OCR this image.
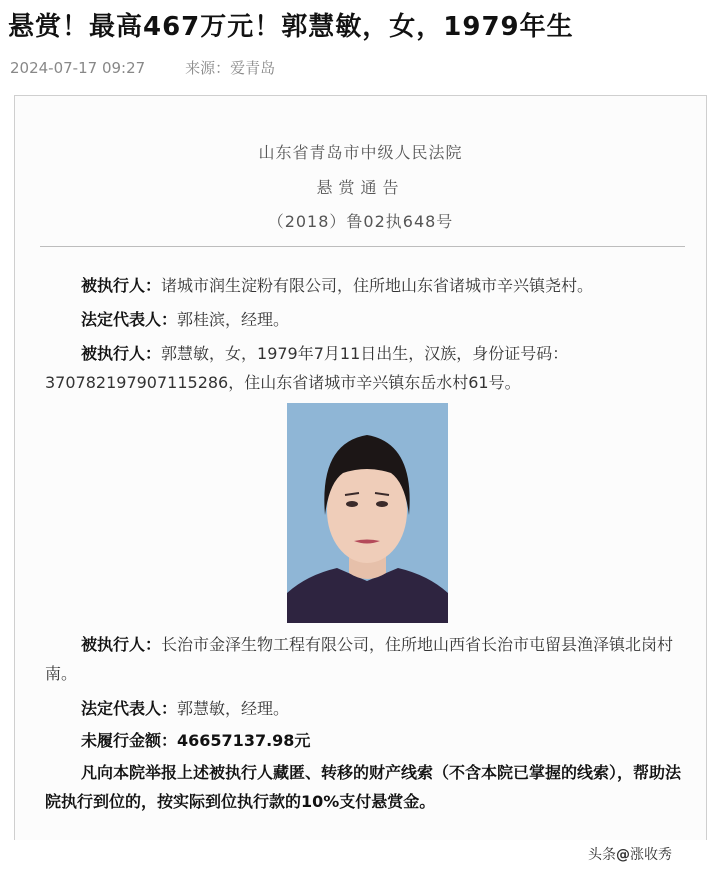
悬赏！最高467万元！郭慧敏，女，1979年生
2024-07-17 09:27	来源：爱青岛
山东省青岛市中级人民法院
悬赏通告
（2018）鲁02执648号
被执行人：诸城市润生淀粉有限公司，住所地山东省诸城市辛兴镇尧村。
法定代表人：郭桂滨，经理。
被执行人：郭慧敏，女，1979年7月11日出生，汉族，身份证号码：370782197907115286，住山东省诸城市辛兴镇东岳水村61号。
被执行人：长治市金泽生物工程有限公司，住所地山西省长治市屯留县渔泽镇北岗村南。
法定代表人：郭慧敏，经理。
未履行金额：46657137.98元
凡向本院举报上述被执行人藏匿、转移的财产线索（不含本院已掌握的线索），帮助法院执行到位的，按实际到位执行款的10%支付悬赏金。
头条@涨收秀
